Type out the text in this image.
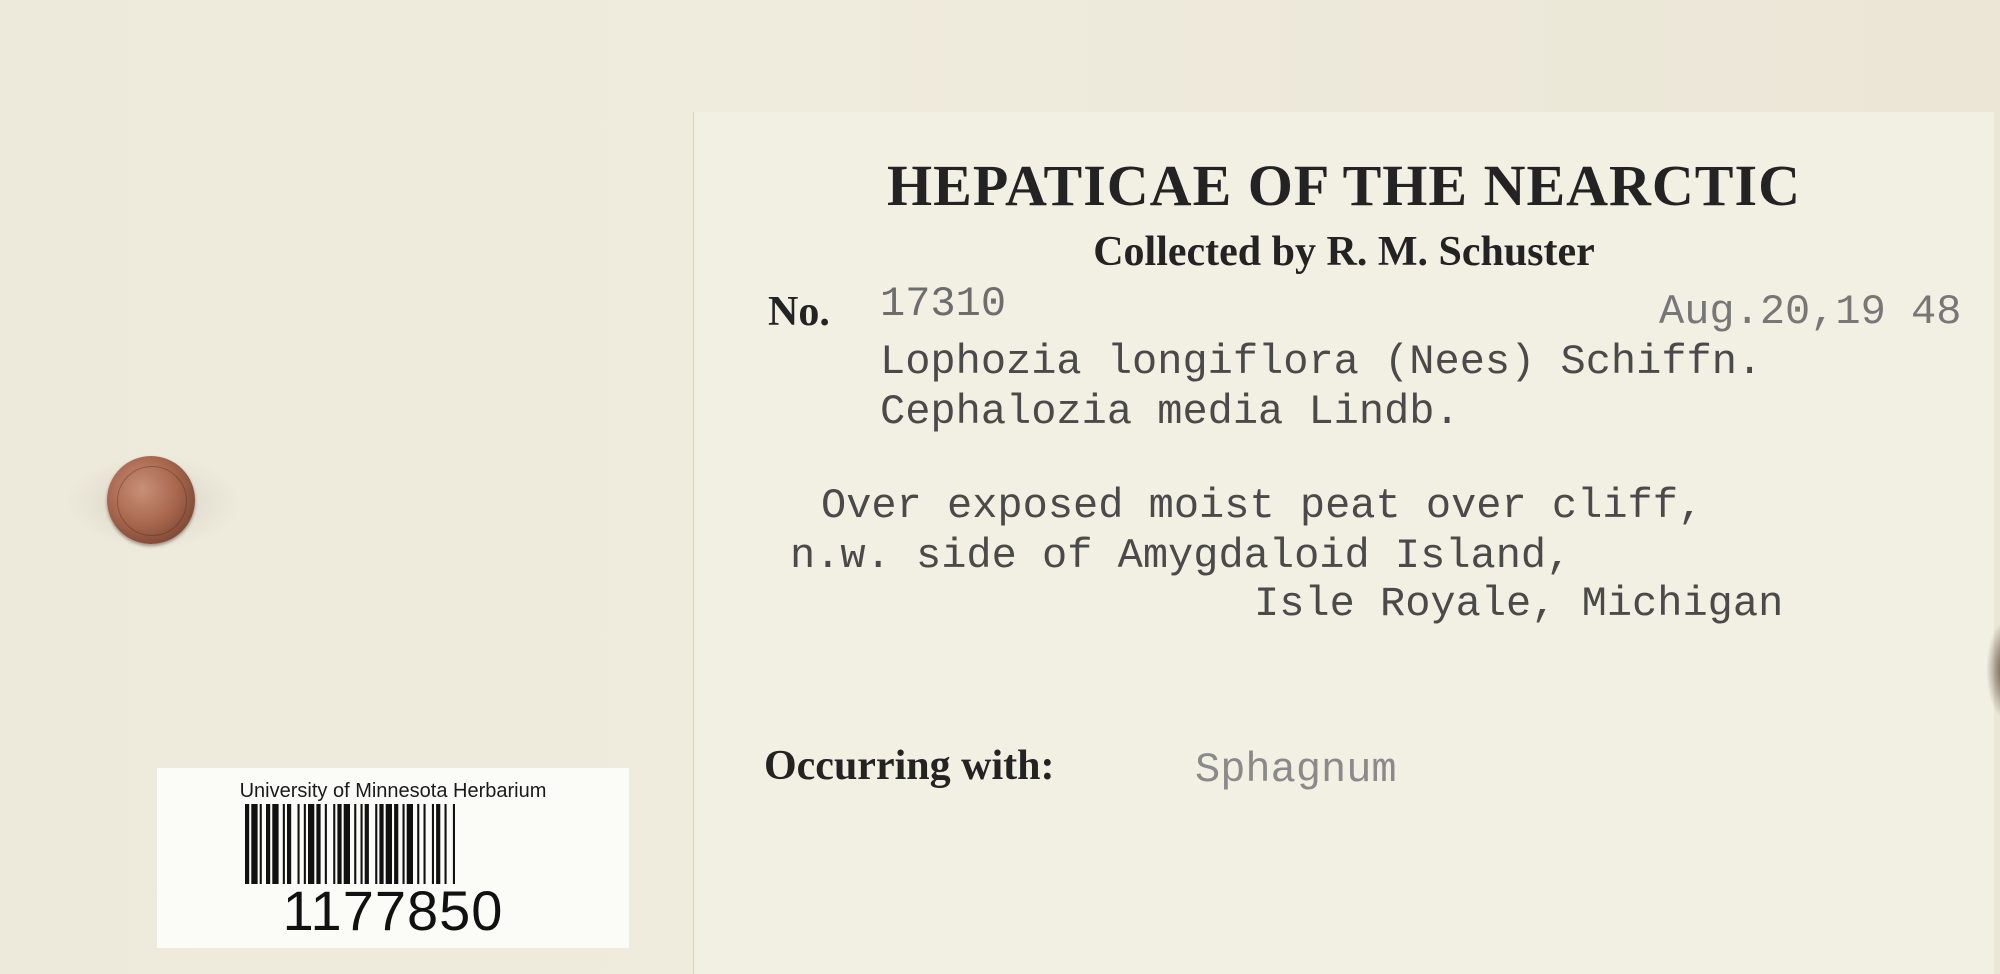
University of Minnesota Herbarium
1177850
HEPATICAE OF THE NEARCTIC
Collected by R. M. Schuster
No. 17310	Aug.20,19 48
Lophozia longiflora (Nees) Schiffn.
Cephalozia media Lindb.
Over exposed moist peat over cliff,
n.w. side of Amygdaloid Island,
Isle Royale, Michigan
Occurring with:	Sphagnum
